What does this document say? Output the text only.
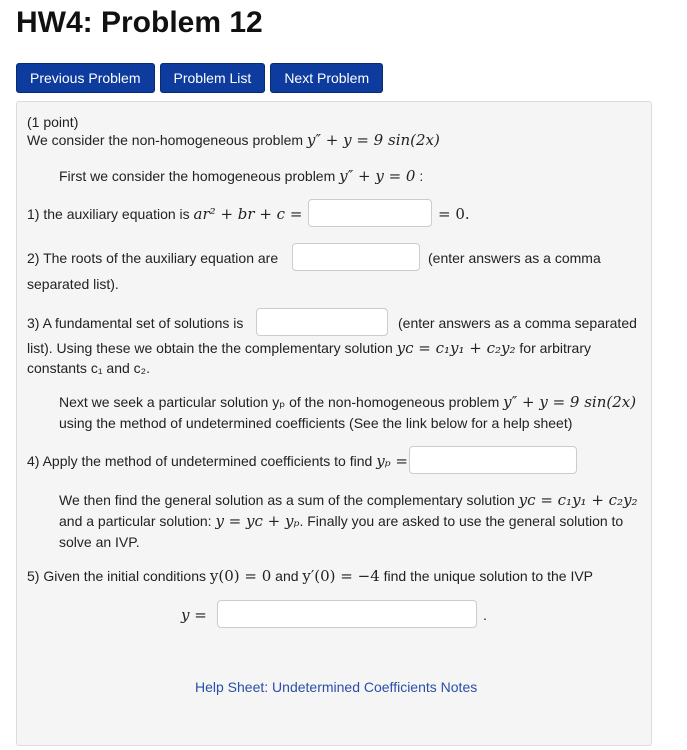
HW4: Problem 12
Previous Problem	Problem List	Next Problem
(1 point)
We consider the non-homogeneous problem y″ + y = 9 sin(2x)
First we consider the homogeneous problem y″ + y = 0 :
1) the auxiliary equation is ar² + br + c =	= 0.
2) The roots of the auxiliary equation are	(enter answers as a comma
separated list).
3) A fundamental set of solutions is	(enter answers as a comma separated
list). Using these we obtain the the complementary solution yᴄ = c₁y₁ + c₂y₂ for arbitrary
constants c₁ and c₂.
Next we seek a particular solution yₚ of the non-homogeneous problem y″ + y = 9 sin(2x)
using the method of undetermined coefficients (See the link below for a help sheet)
4) Apply the method of undetermined coefficients to find yₚ =
We then find the general solution as a sum of the complementary solution yᴄ = c₁y₁ + c₂y₂
and a particular solution: y = yᴄ + yₚ. Finally you are asked to use the general solution to
solve an IVP.
5) Given the initial conditions y(0) = 0 and y′(0) = −4 find the unique solution to the IVP
y =	.
Help Sheet: Undetermined Coefficients Notes
